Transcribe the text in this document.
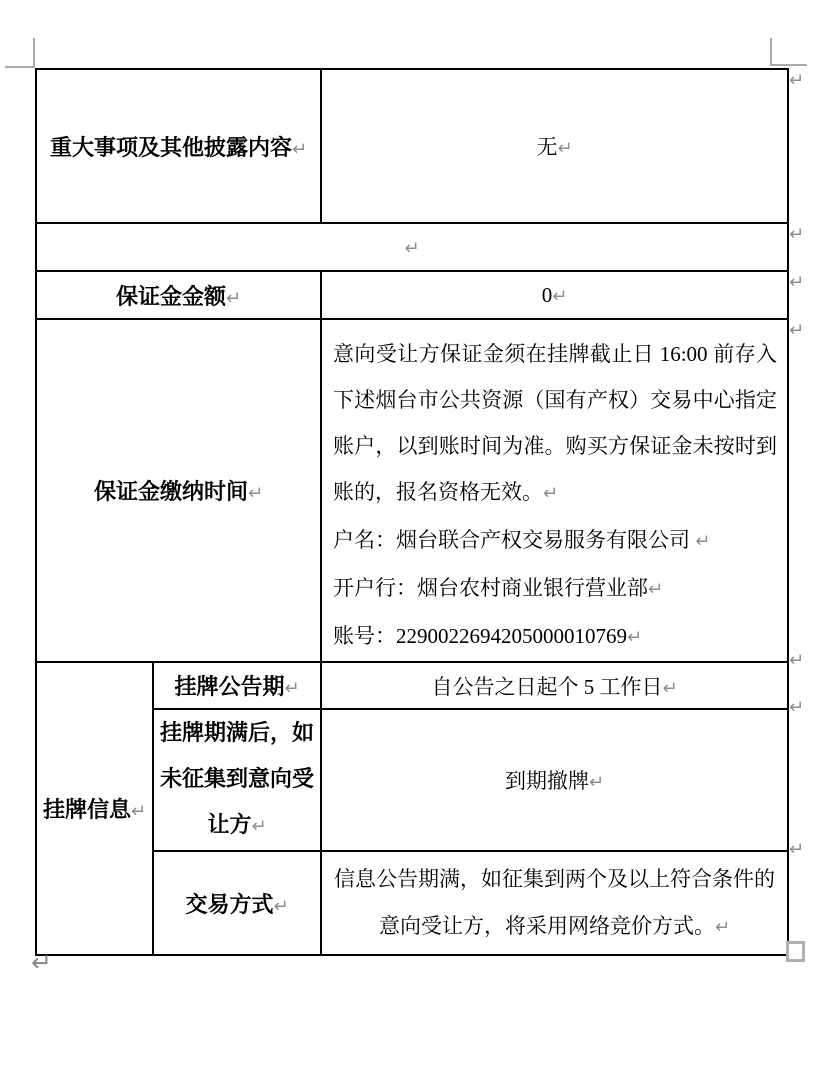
重大事项及其他披露内容↵		无↵
↵		
保证金金额↵		0↵
保证金缴纳时间↵		意向受让方保证金须在挂牌截止日 16:00 前存入下述烟台市公共资源（国有产权）交易中心指定账户，以到账时间为准。购买方保证金未按时到账的，报名资格无效。↵

户名：烟台联合产权交易服务有限公司 ↵

开户行：烟台农村商业银行营业部↵

账号：2290022694205000010769↵

挂牌信息↵	挂牌公告期↵	自公告之日起个 5 工作日↵
	挂牌期满后，如未征集到意向受让方↵	到期撤牌↵
	交易方式↵	信息公告期满，如征集到两个及以上符合条件的意向受让方，将采用网络竞价方式。↵
↵
↵
↵
↵
↵
↵
↵
↵
